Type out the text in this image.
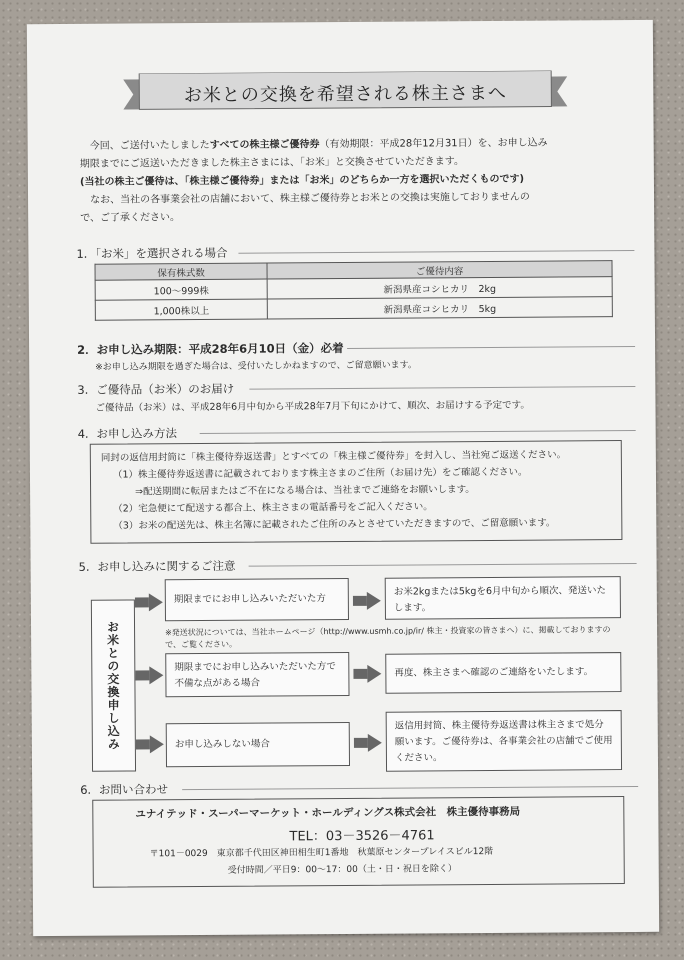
お米との交換を希望される株主さまへ

今回、ご送付いたしましたすべての株主様ご優待券（有効期限：平成28年12月31日）を、お申し込み

期限までにご返送いただきました株主さまには、「お米」と交換させていただきます。

(当社の株主ご優待は、「株主様ご優待券」または「お米」のどちらか一方を選択いただくものです)

なお、当社の各事業会社の店舗において、株主様ご優待券とお米との交換は実施しておりませんの

で、ご了承ください。

1．「お米」を選択される場合
保有株式数	ご優待内容
100～999株	新潟県産コシヒカリ　2kg
1,000株以上	新潟県産コシヒカリ　5kg
2．お申し込み期限：平成28年6月10日（金）必着
※お申し込み期限を過ぎた場合は、受付いたしかねますので、ご留意願います。
3．ご優待品（お米）のお届け
ご優待品（お米）は、平成28年6月中旬から平成28年7月下旬にかけて、順次、お届けする予定です。
4．お申し込み方法
同封の返信用封筒に「株主優待券返送書」とすべての「株主様ご優待券」を封入し、当社宛ご返送ください。
（1）株主優待券返送書に記載されております株主さまのご住所（お届け先）をご確認ください。
⇒配送期間に転居またはご不在になる場合は、当社までご連絡をお願いします。
（2）宅急便にて配送する都合上、株主さまの電話番号をご記入ください。
（3）お米の配送先は、株主名簿に記載されたご住所のみとさせていただきますので、ご留意願います。
5．お申し込みに関するご注意
お米との交換申し込み
期限までにお申し込みいただいた方
お米2kgまたは5kgを6月中旬から順次、発送いたします。
※発送状況については、当社ホームページ（http://www.usmh.co.jp/ir/ 株主・投資家の皆さまへ）に、掲載しておりますので、ご覧ください。
期限までにお申し込みいただいた方で不備な点がある場合
再度、株主さまへ確認のご連絡をいたします。
お申し込みしない場合
返信用封筒、株主優待券返送書は株主さまで処分願います。ご優待券は、各事業会社の店舗でご使用ください。
6．お問い合わせ
ユナイテッド・スーパーマーケット・ホールディングス株式会社　株主優待事務局
TEL：03－3526－4761
〒101－0029　東京都千代田区神田相生町1番地　秋葉原センタープレイスビル12階
受付時間／平日9：00～17：00（土・日・祝日を除く）
